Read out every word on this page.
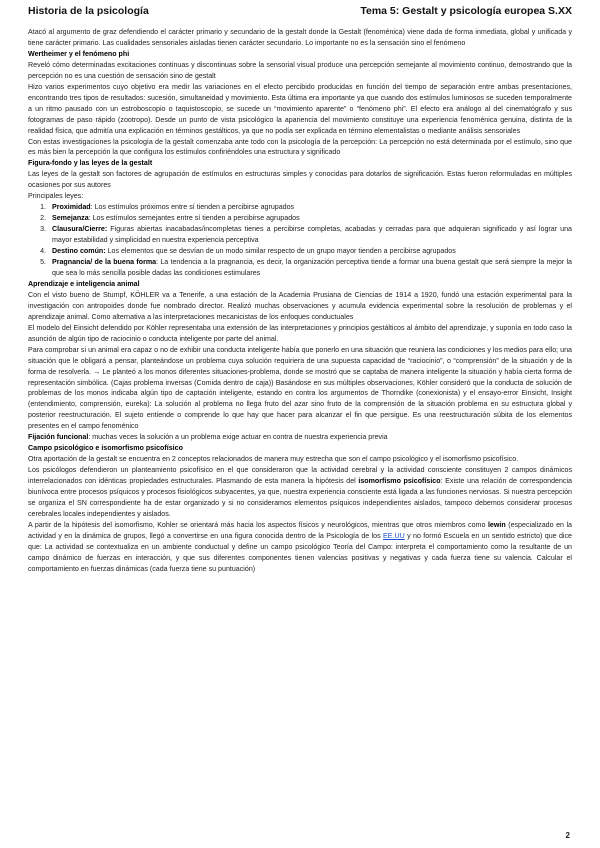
Historia de la psicología	Tema 5: Gestalt y psicología europea S.XX

Atacó al argumento de graz defendiendo el carácter primario y secundario de la gestalt donde la Gestalt (fenoménica) viene dada de forma inmediata, global y unificada y tiene carácter primario. Las cualidades sensoriales aisladas tienen carácter secundario. Lo importante no es la sensación sino el fenómeno

Wertheimer y el fenómeno phi

Reveló cómo determinadas excitaciones continuas y discontinuas sobre la sensorial visual produce una percepción semejante al movimiento continuo, demostrando que la percepción no es una cuestión de sensación sino de gestalt

Hizo varios experimentos cuyo objetivo era medir las variaciones en el efecto percibido producidas en función del tiempo de separación entre ambas presentaciones, encontrando tres tipos de resultados: sucesión, simultaneidad y movimiento. Esta última era importante ya que cuando dos estímulos luminosos se suceden temporalmente a un ritmo pausado con un estroboscopio o taquistoscopio, se sucede un “movimiento aparente” o “fenómeno phi”. El efecto era análogo al del cinematógrafo y sus fotogramas de paso rápido (zootropo). Desde un punto de vista psicológico la apariencia del movimiento constituye una experiencia fenoménica genuina, distinta de la realidad física, que admitía una explicación en términos gestálticos, ya que no podía ser explicada en término elementalistas o mediante análisis sensoriales

Con estas investigaciones la psicología de la gestalt comenzaba ante todo con la psicología de la percepción: La percepción no está determinada por el estímulo, sino que es más bien la percepción la que configura los estímulos confiriéndoles una estructura y significado

Figura-fondo y las leyes de la gestalt

Las leyes de la gestalt son factores de agrupación de estímulos en estructuras simples y conocidas para dotarlos de significación. Estas fueron reformuladas en múltiples ocasiones por sus autores

Principales leyes:

1. Proximidad: Los estímulos próximos entre sí tienden a percibirse agrupados
2. Semejanza: Los estímulos semejantes entre sí tienden a percibirse agrupados
3. Clausura/Cierre: Figuras abiertas inacabadas/incompletas tienes a percibirse completas, acabadas y cerradas para que adquieran significado y así lograr una mayor estabilidad y simplicidad en nuestra experiencia perceptiva
4. Destino común: Los elementos que se desvían de un modo similar respecto de un grupo mayor tienden a percibirse agrupados
5. Pragnancia/ de la buena forma: La tendencia a la pragnancia, es decir, la organización perceptiva tiende a formar una buena gestalt que será siempre la mejor la que sea lo más sencilla posible dadas las condiciones estimulares

Aprendizaje e inteligencia animal

Con el visto bueno de Stumpf, KÖHLER va a Tenerife, a una estación de la Academia Prusiana de Ciencias de 1914 a 1920, fundó una estación experimental para la investigación con antropoides donde fue nombrado director. Realizó muchas observaciones y acumula evidencia experimental sobre la resolución de problemas y el aprendizaje animal. Como alternativa a las interpretaciones mecanicistas de los enfoques conductuales

El modelo del Einsicht defendido por Köhler representaba una extensión de las interpretaciones y principios gestálticos al ámbito del aprendizaje, y suponía en todo caso la asunción de algún tipo de raciocinio o conducta inteligente por parte del animal.

Para comprobar si un animal era capaz o no de exhibir una conducta inteligente había que ponerlo en una situación que reuniera las condiciones y los medios para ello; una situación que le obligará a pensar, planteándose un problema cuya solución requiriera de una supuesta capacidad de “raciocinio”, o “comprensión” de la situación y de la forma de resolverla. → Le planteó a los monos diferentes situaciones-problema, donde se mostró que se captaba de manera inteligente la situación y había cierta forma de representación simbólica. (Cajas problema inversas (Comida dentro de caja)) Basándose en sus múltiples observaciones, Köhler consideró que la conducta de solución de problemas de los monos indicaba algún tipo de captación inteligente, estando en contra los argumentos de Thorndike (conexionista) y el ensayo-error Einsicht, Insight (entendimiento, comprensión, eureka): La solución al problema no llega fruto del azar sino fruto de la comprensión de la situación problema en su estructura global y posterior reestructuración. El sujeto entiende o comprende lo que hay que hacer para alcanzar el fin que persigue. Es una reestructuración súbita de los elementos presentes en el campo fenoménico

Fijación funcional: muchas veces la solución a un problema exige actuar en contra de nuestra experiencia previa

Campo psicológico e isomorfismo psicofísico

Otra aportación de la gestalt se encuentra en 2 conceptos relacionados de manera muy estrecha que son el campo psicológico y el isomorfismo psicofísico.

Los psicólogos defendieron un planteamiento psicofísico en el que consideraron que la actividad cerebral y la actividad consciente constituyen 2 campos dinámicos interrelacionados con idénticas propiedades estructurales. Plasmando de esta manera la hipótesis del isomorfismo psicofísico: Existe una relación de correspondencia biunívoca entre procesos psíquicos y procesos fisiológicos subyacentes, ya que, nuestra experiencia consciente está ligada a las funciones nerviosas. Si nuestra percepción se organiza el SN correspondiente ha de estar organizado y si no consideramos elementos psíquicos independientes aislados, tampoco debemos considerar procesos cerebrales locales independientes y aislados.

A partir de la hipótesis del isomorfismo, Kohler se orientará más hacia los aspectos físicos y neurológicos, mientras que otros miembros como lewin (especializado en la actividad y en la dinámica de grupos, llegó a convertirse en una figura conocida dentro de la Psicología de los EE.UU y no formó Escuela en un sentido estricto) que dice que: La actividad se contextualiza en un ambiente conductual y define un campo psicológico Teoría del Campo: interpreta el comportamiento como la resultante de un campo dinámico de fuerzas en interacción, y que sus diferentes componentes tienen valencias positivas y negativas y cada fuerza tiene su valencia. Calcular el comportamiento en fuerzas dinámicas (cada fuerza tiene su puntuación)

2
